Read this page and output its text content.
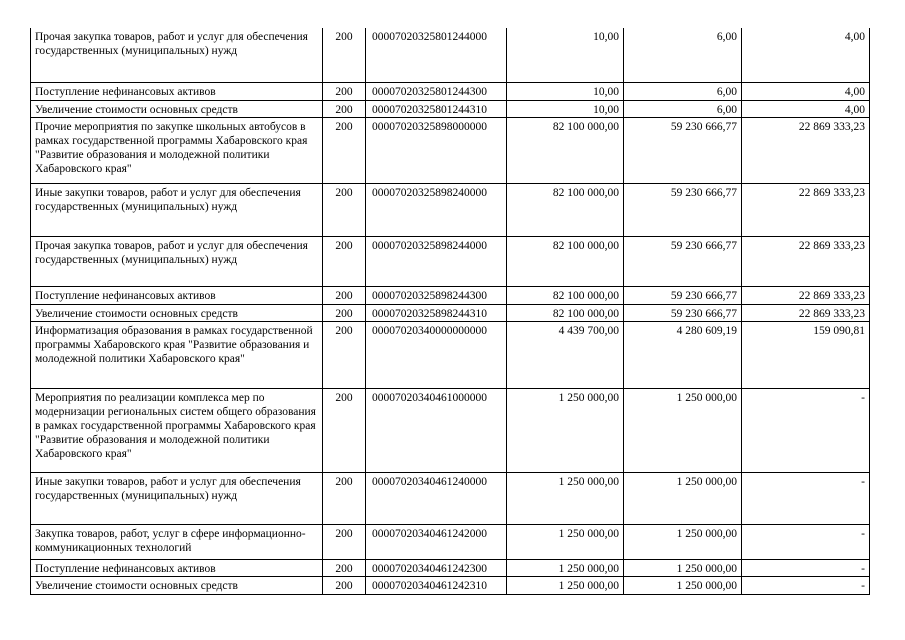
Прочая закупка товаров, работ и услуг для обеспечения государственных (муниципальных) нужд	200	00007020325801244000	10,00	6,00	4,00
Поступление нефинансовых активов	200	00007020325801244300	10,00	6,00	4,00
Увеличение стоимости основных средств	200	00007020325801244310	10,00	6,00	4,00
Прочие мероприятия по закупке школьных автобусов в рамках государственной программы Хабаровского края "Развитие образования и молодежной политики Хабаровского края"	200	00007020325898000000	82 100 000,00	59 230 666,77	22 869 333,23
Иные закупки товаров, работ и услуг для обеспечения государственных (муниципальных) нужд	200	00007020325898240000	82 100 000,00	59 230 666,77	22 869 333,23
Прочая закупка товаров, работ и услуг для обеспечения государственных (муниципальных) нужд	200	00007020325898244000	82 100 000,00	59 230 666,77	22 869 333,23
Поступление нефинансовых активов	200	00007020325898244300	82 100 000,00	59 230 666,77	22 869 333,23
Увеличение стоимости основных средств	200	00007020325898244310	82 100 000,00	59 230 666,77	22 869 333,23
Информатизация образования в рамках государственной программы Хабаровского края "Развитие образования и молодежной политики Хабаровского края"	200	00007020340000000000	4 439 700,00	4 280 609,19	159 090,81
Мероприятия по реализации комплекса мер по модернизации региональных систем общего образования в рамках государственной программы Хабаровского края "Развитие образования и молодежной политики Хабаровского края"	200	00007020340461000000	1 250 000,00	1 250 000,00	-
Иные закупки товаров, работ и услуг для обеспечения государственных (муниципальных) нужд	200	00007020340461240000	1 250 000,00	1 250 000,00	-
Закупка товаров, работ, услуг в сфере информационно-коммуникационных технологий	200	00007020340461242000	1 250 000,00	1 250 000,00	-
Поступление нефинансовых активов	200	00007020340461242300	1 250 000,00	1 250 000,00	-
Увеличение стоимости основных средств	200	00007020340461242310	1 250 000,00	1 250 000,00	-
